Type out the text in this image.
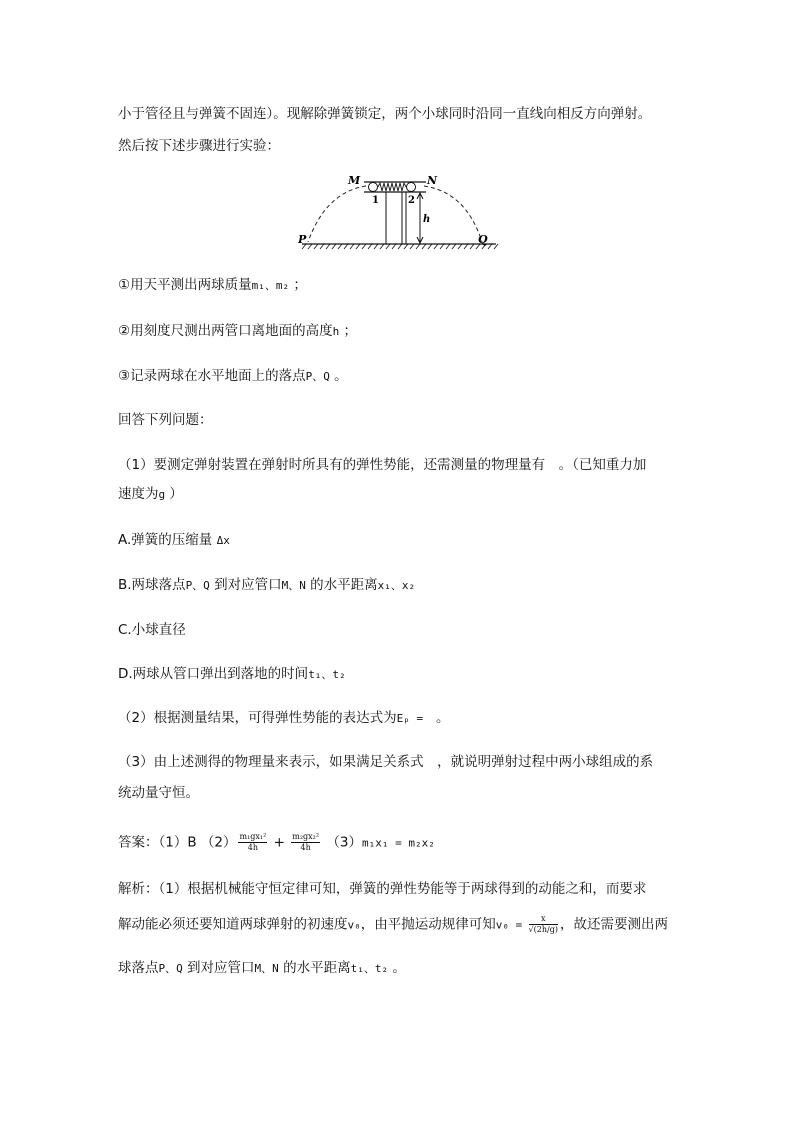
小于管径且与弹簧不固连）。现解除弹簧锁定，两个小球同时沿同一直线向相反方向弹射。
然后按下述步骤进行实验：
M	N
1	2
h
P	Q
①用天平测出两球质量m₁、m₂ ；
②用刻度尺测出两管口离地面的高度h ；
③记录两球在水平地面上的落点P、Q 。
回答下列问题：
（1）要测定弹射装置在弹射时所具有的弹性势能，还需测量的物理量有　。（已知重力加
速度为g ）
A.弹簧的压缩量 Δx
B.两球落点P、Q 到对应管口M、N 的水平距离x₁、x₂
C.小球直径
D.两球从管口弹出到落地的时间t₁、t₂
（2）根据测量结果，可得弹性势能的表达式为Eₚ = 。
（3）由上述测得的物理量来表示，如果满足关系式　，就说明弹射过程中两小球组成的系
统动量守恒。
答案：（1）B $(2) \frac{\text{m₁gx₁²}}{4h} + \frac{\text{m₂gx₂²}}{4h} (3)m_1x_1 = m_2x_2$
解析：（1）根据机械能守恒定律可知，弹簧的弹性势能等于两球得到的动能之和，而要求
解动能必须还要知道两球弹射的初速度v₀，由平抛运动规律可知$v_0 = \frac{x}{√(2h/g)}$ ，故还需要测出两
球落点P、Q 到对应管口M、N 的水平距离t₁、t₂ 。
